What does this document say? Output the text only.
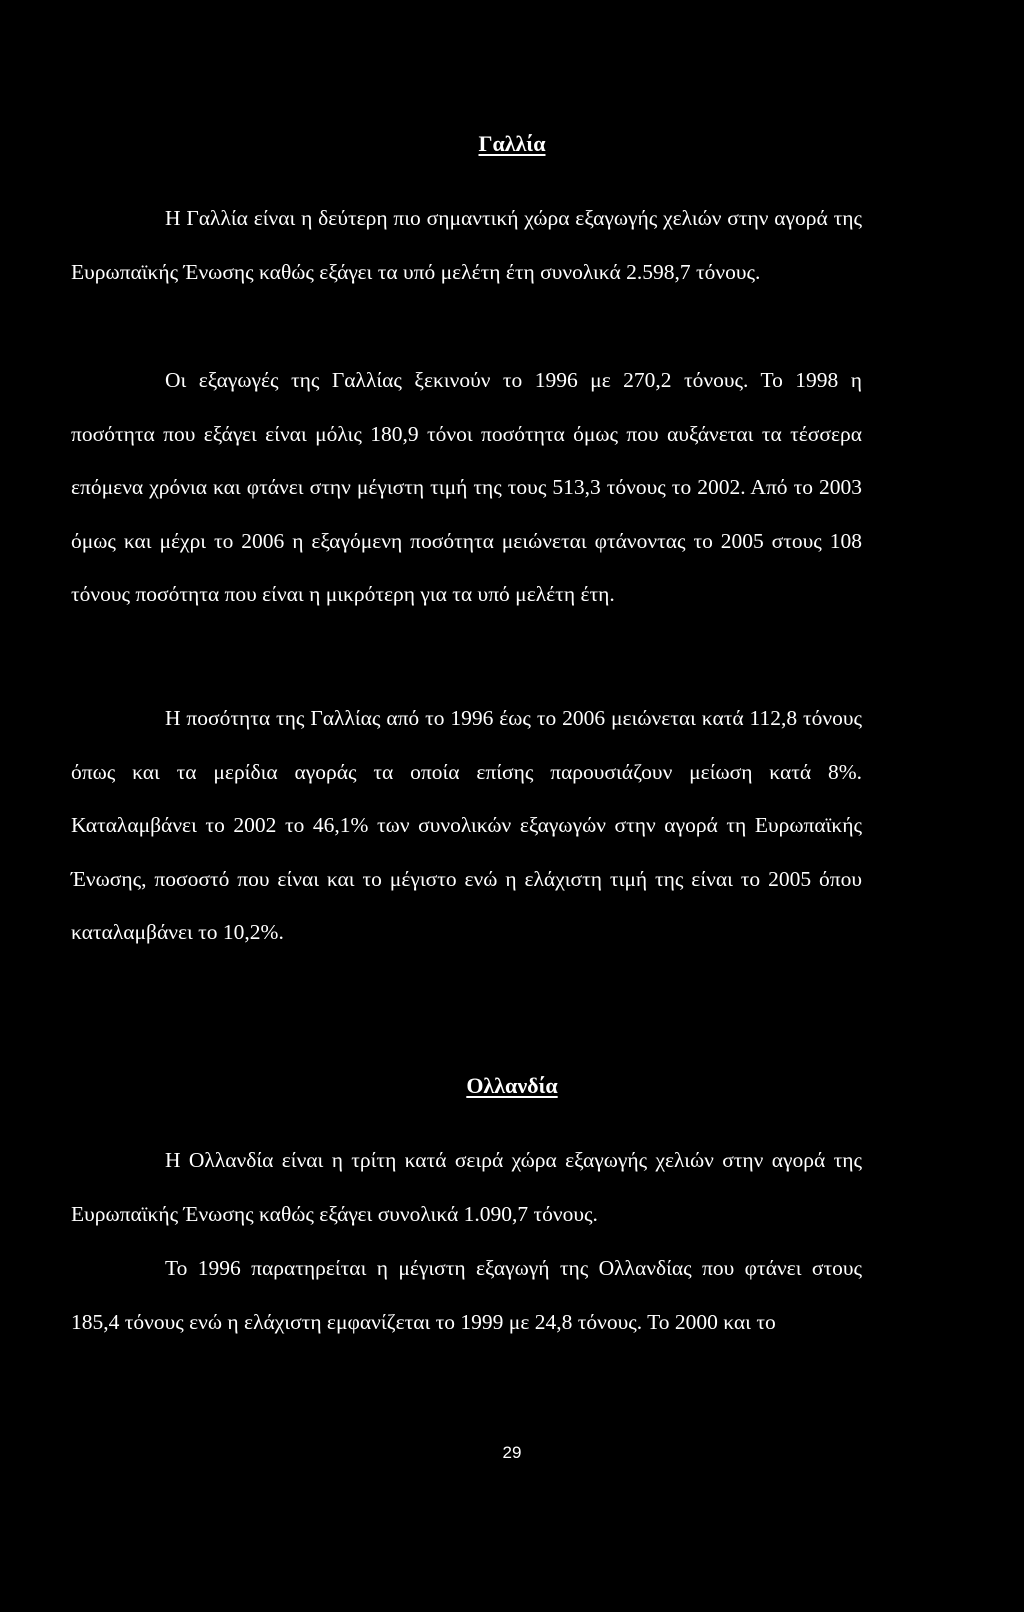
Γαλλία

Η Γαλλία είναι η δεύτερη πιο σημαντική χώρα εξαγωγής χελιών στην αγορά της Ευρωπαϊκής Ένωσης καθώς εξάγει τα υπό μελέτη έτη συνολικά 2.598,7 τόνους.

Οι εξαγωγές της Γαλλίας ξεκινούν το 1996 με 270,2 τόνους. Το 1998 η ποσότητα που εξάγει είναι μόλις 180,9 τόνοι ποσότητα όμως που αυξάνεται τα τέσσερα επόμενα χρόνια και φτάνει στην μέγιστη τιμή της τους 513,3 τόνους το 2002. Από το 2003 όμως και μέχρι το 2006 η εξαγόμενη ποσότητα μειώνεται φτάνοντας το 2005 στους 108 τόνους ποσότητα που είναι η μικρότερη για τα υπό μελέτη έτη.

Η ποσότητα της Γαλλίας από το 1996 έως το 2006 μειώνεται κατά 112,8 τόνους όπως και τα μερίδια αγοράς τα οποία επίσης παρουσιάζουν μείωση κατά 8%. Καταλαμβάνει το 2002 το 46,1% των συνολικών εξαγωγών στην αγορά τη Ευρωπαϊκής Ένωσης, ποσοστό που είναι και το μέγιστο ενώ η ελάχιστη τιμή της είναι το 2005 όπου καταλαμβάνει το 10,2%.

Ολλανδία

Η Ολλανδία είναι η τρίτη κατά σειρά χώρα εξαγωγής χελιών στην αγορά της Ευρωπαϊκής Ένωσης καθώς εξάγει συνολικά 1.090,7 τόνους.

Το 1996 παρατηρείται η μέγιστη εξαγωγή της Ολλανδίας που φτάνει στους 185,4 τόνους ενώ η ελάχιστη εμφανίζεται το 1999 με 24,8 τόνους. Το 2000 και το

29
